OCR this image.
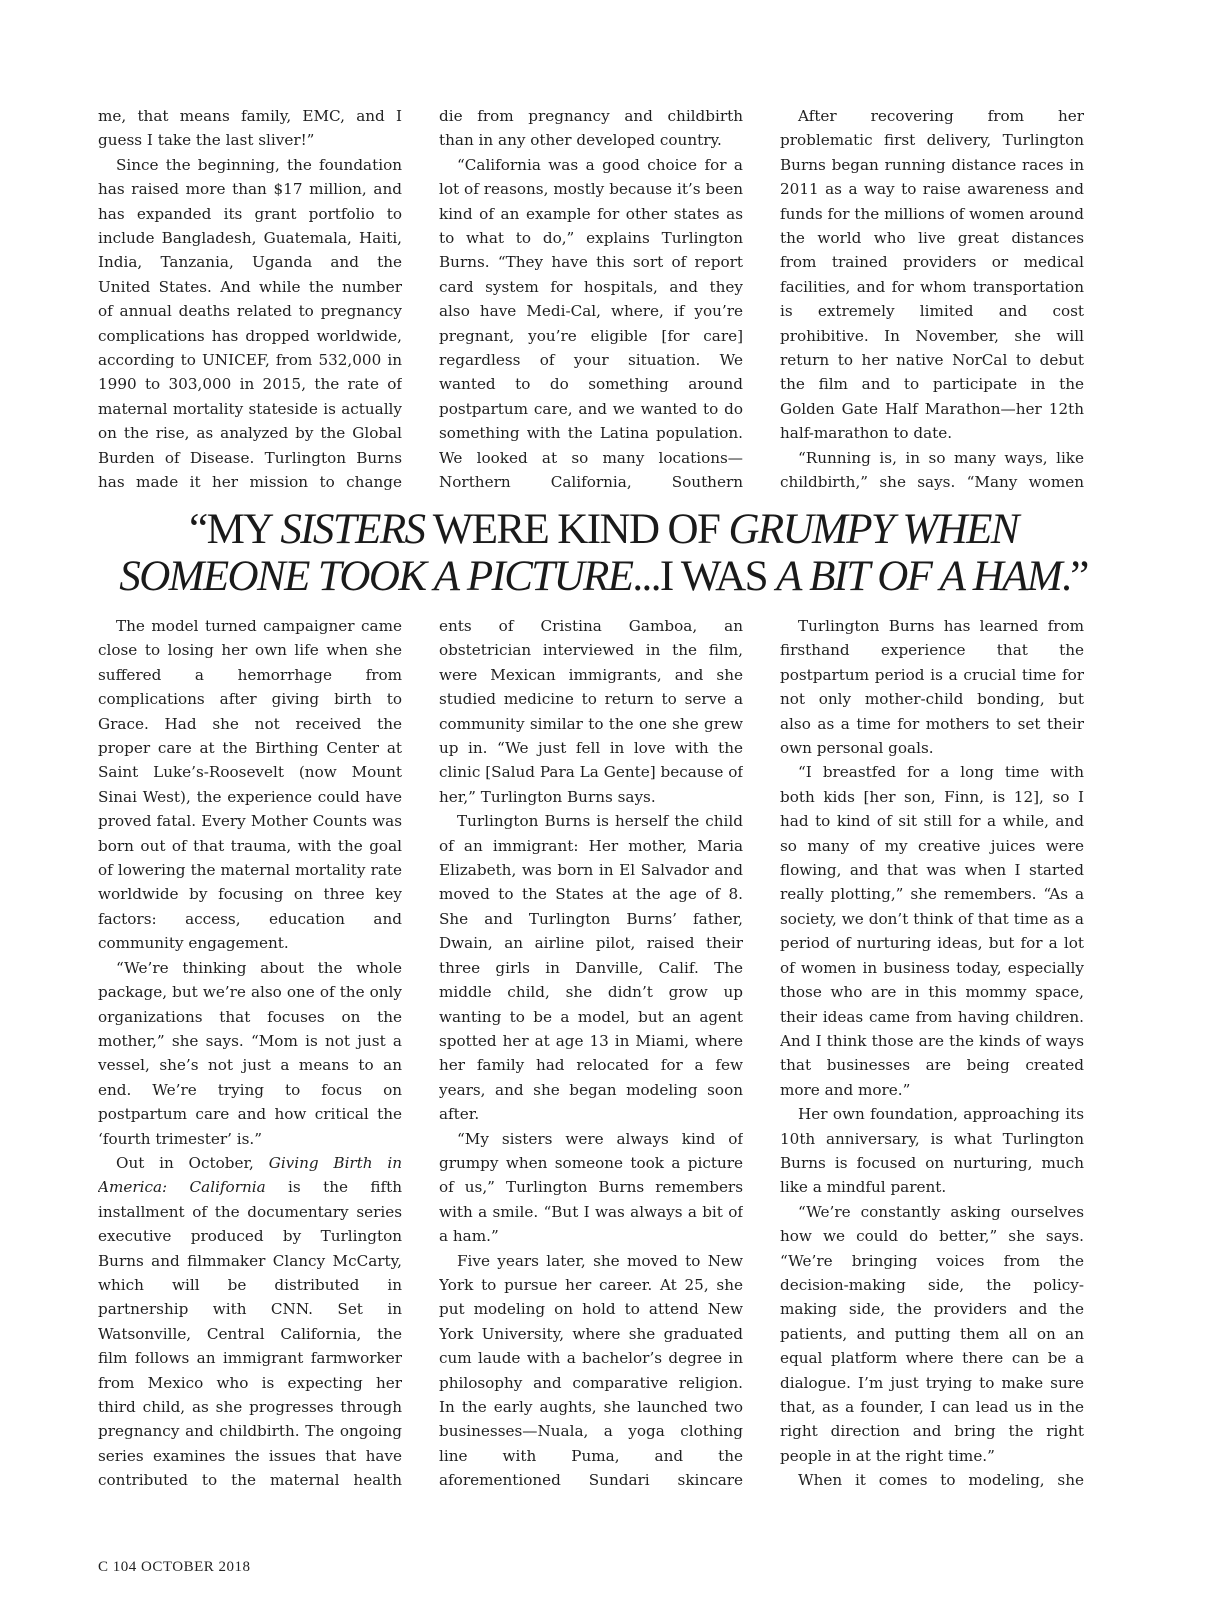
me, that means family, EMC, and I guess I take the last sliver!”

Since the beginning, the foundation has raised more than $17 million, and has expanded its grant portfolio to include Bangladesh, Guatemala, Haiti, India, Tanzania, Uganda and the United States. And while the number of annual deaths related to pregnancy complications has dropped worldwide, according to UNICEF, from 532,000 in 1990 to 303,000 in 2015, the rate of maternal mortality stateside is actually on the rise, as analyzed by the Global Burden of Disease. Turlington Burns has made it her mission to change

die from pregnancy and childbirth than in any other developed country.

“California was a good choice for a lot of reasons, mostly because it’s been kind of an example for other states as to what to do,” explains Turlington Burns. “They have this sort of report card system for hospitals, and they also have Medi-Cal, where, if you’re pregnant, you’re eligible [for care] regardless of your situation. We wanted to do something around postpartum care, and we wanted to do something with the Latina population. We looked at so many locations—Northern California, Southern

After recovering from her problematic first delivery, Turlington Burns began running distance races in 2011 as a way to raise awareness and funds for the millions of women around the world who live great distances from trained providers or medical facilities, and for whom transportation is extremely limited and cost prohibitive. In November, she will return to her native NorCal to debut the film and to participate in the Golden Gate Half Marathon—her 12th half-marathon to date.

“Running is, in so many ways, like childbirth,” she says. “Many women

“MY SISTERS WERE KIND OF GRUMPY WHEN
SOMEONE TOOK A PICTURE...I WAS A BIT OF A HAM.”

The model turned campaigner came close to losing her own life when she suffered a hemorrhage from complications after giving birth to Grace. Had she not received the proper care at the Birthing Center at Saint Luke’s-Roosevelt (now Mount Sinai West), the experience could have proved fatal. Every Mother Counts was born out of that trauma, with the goal of lowering the maternal mortality rate worldwide by focusing on three key factors: access, education and community engagement.

“We’re thinking about the whole package, but we’re also one of the only organizations that focuses on the mother,” she says. “Mom is not just a vessel, she’s not just a means to an end. We’re trying to focus on postpartum care and how critical the ‘fourth trimester’ is.”

Out in October, Giving Birth in America: California is the fifth installment of the documentary series executive produced by Turlington Burns and filmmaker Clancy McCarty, which will be distributed in partnership with CNN. Set in Watsonville, Central California, the film follows an immigrant farmworker from Mexico who is expecting her third child, as she progresses through pregnancy and childbirth. The ongoing series examines the issues that have contributed to the maternal health

ents of Cristina Gamboa, an obstetrician interviewed in the film, were Mexican immigrants, and she studied medicine to return to serve a community similar to the one she grew up in. “We just fell in love with the clinic [Salud Para La Gente] because of her,” Turlington Burns says.

Turlington Burns is herself the child of an immigrant: Her mother, Maria Elizabeth, was born in El Salvador and moved to the States at the age of 8. She and Turlington Burns’ father, Dwain, an airline pilot, raised their three girls in Danville, Calif. The middle child, she didn’t grow up wanting to be a model, but an agent spotted her at age 13 in Miami, where her family had relocated for a few years, and she began modeling soon after.

“My sisters were always kind of grumpy when someone took a picture of us,” Turlington Burns remembers with a smile. “But I was always a bit of a ham.”

Five years later, she moved to New York to pursue her career. At 25, she put modeling on hold to attend New York University, where she graduated cum laude with a bachelor’s degree in philosophy and comparative religion. In the early aughts, she launched two businesses—Nuala, a yoga clothing line with Puma, and the aforementioned Sundari skincare

Turlington Burns has learned from firsthand experience that the postpartum period is a crucial time for not only mother-child bonding, but also as a time for mothers to set their own personal goals.

“I breastfed for a long time with both kids [her son, Finn, is 12], so I had to kind of sit still for a while, and so many of my creative juices were flowing, and that was when I started really plotting,” she remembers. “As a society, we don’t think of that time as a period of nurturing ideas, but for a lot of women in business today, especially those who are in this mommy space, their ideas came from having children. And I think those are the kinds of ways that businesses are being created more and more.”

Her own foundation, approaching its 10th anniversary, is what Turlington Burns is focused on nurturing, much like a mindful parent.

“We’re constantly asking ourselves how we could do better,” she says. “We’re bringing voices from the decision-making side, the policy-making side, the providers and the patients, and putting them all on an equal platform where there can be a dialogue. I’m just trying to make sure that, as a founder, I can lead us in the right direction and bring the right people in at the right time.”

When it comes to modeling, she

C 104 OCTOBER 2018
